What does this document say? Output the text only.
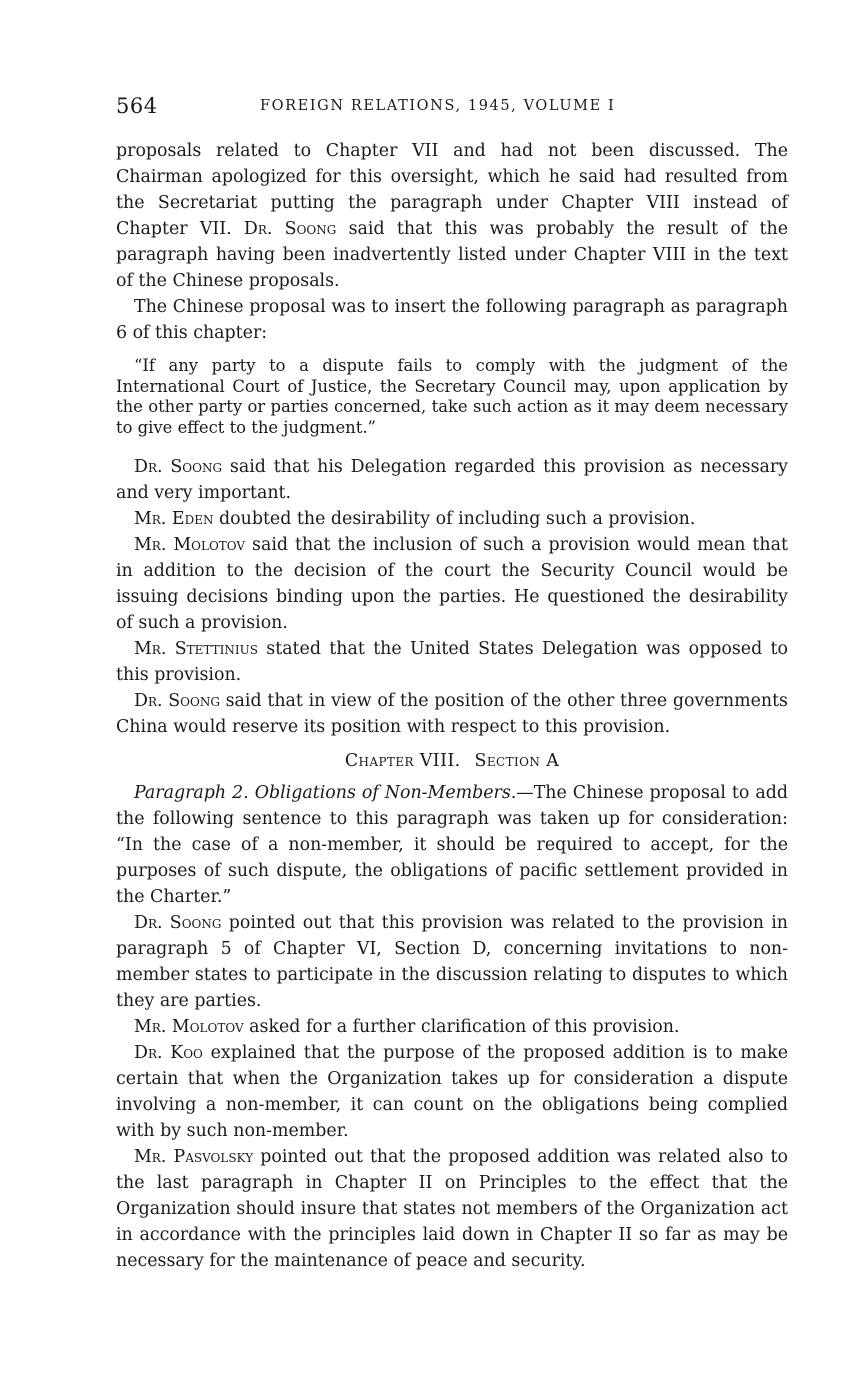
564	FOREIGN RELATIONS, 1945, VOLUME I

proposals related to Chapter VII and had not been discussed. The Chairman apologized for this oversight, which he said had resulted from the Secretariat putting the paragraph under Chapter VIII instead of Chapter VII. Dr. Soong said that this was probably the result of the paragraph having been inadvertently listed under Chapter VIII in the text of the Chinese proposals.

The Chinese proposal was to insert the following paragraph as paragraph 6 of this chapter:

“If any party to a dispute fails to comply with the judgment of the International Court of Justice, the Secretary Council may, upon application by the other party or parties concerned, take such action as it may deem necessary to give effect to the judgment.”

Dr. Soong said that his Delegation regarded this provision as necessary and very important.

Mr. Eden doubted the desirability of including such a provision.

Mr. Molotov said that the inclusion of such a provision would mean that in addition to the decision of the court the Security Council would be issuing decisions binding upon the parties. He questioned the desirability of such a provision.

Mr. Stettinius stated that the United States Delegation was opposed to this provision.

Dr. Soong said that in view of the position of the other three governments China would reserve its position with respect to this provision.

Chapter VIII. Section A

Paragraph 2. Obligations of Non-Members.—The Chinese proposal to add the following sentence to this paragraph was taken up for consideration: “In the case of a non-member, it should be required to accept, for the purposes of such dispute, the obligations of pacific settlement provided in the Charter.”

Dr. Soong pointed out that this provision was related to the provision in paragraph 5 of Chapter VI, Section D, concerning invitations to non-member states to participate in the discussion relating to disputes to which they are parties.

Mr. Molotov asked for a further clarification of this provision.

Dr. Koo explained that the purpose of the proposed addition is to make certain that when the Organization takes up for consideration a dispute involving a non-member, it can count on the obligations being complied with by such non-member.

Mr. Pasvolsky pointed out that the proposed addition was related also to the last paragraph in Chapter II on Principles to the effect that the Organization should insure that states not members of the Organization act in accordance with the principles laid down in Chapter II so far as may be necessary for the maintenance of peace and security.
